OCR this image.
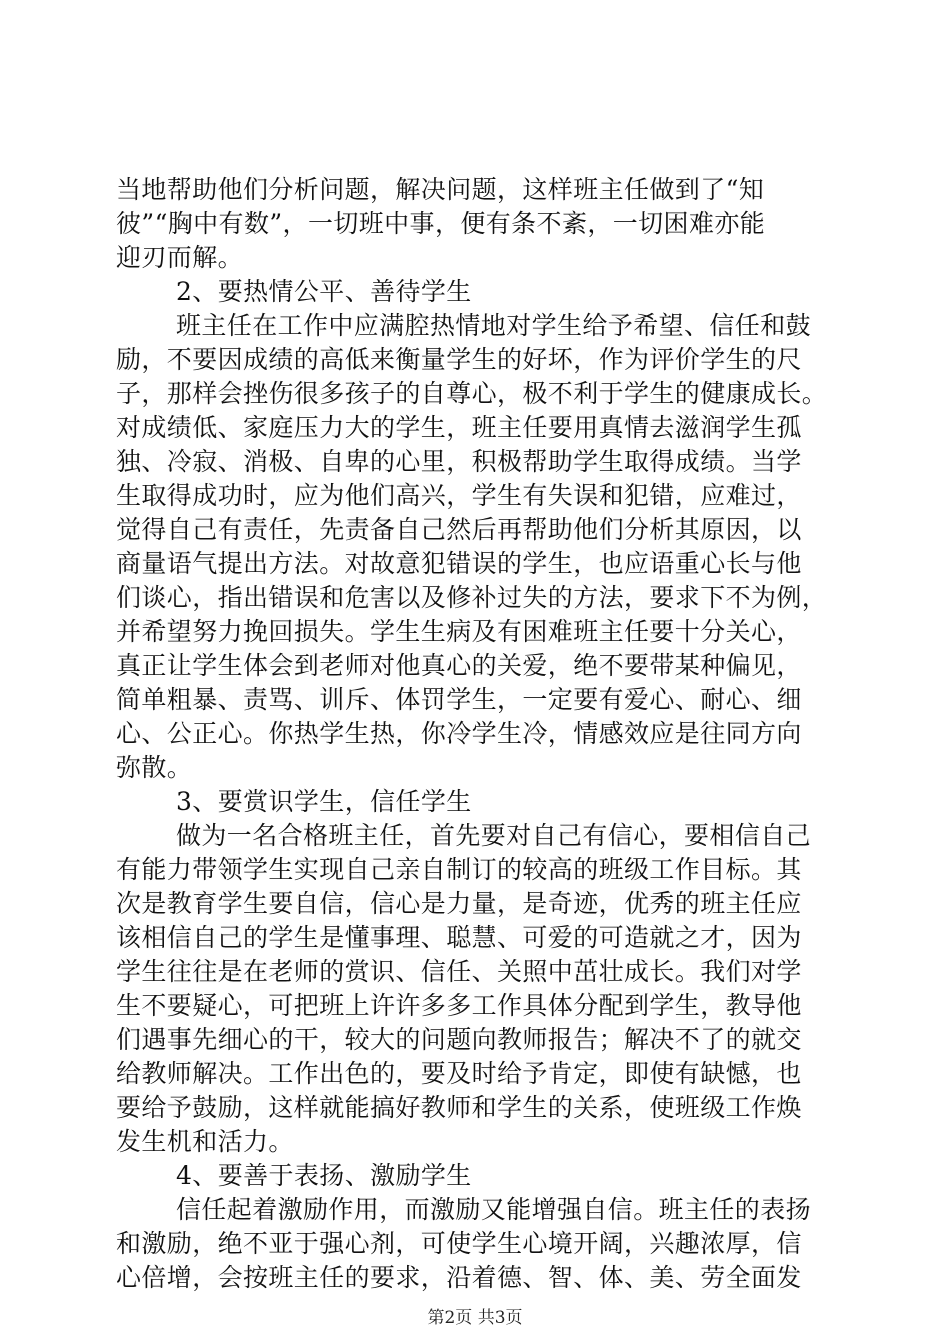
当地帮助他们分析问题，解决问题，这样班主任做到了“知
彼”“胸中有数”，一切班中事，便有条不紊，一切困难亦能
迎刃而解。
2、要热情公平、善待学生
班主任在工作中应满腔热情地对学生给予希望、信任和鼓
励，不要因成绩的高低来衡量学生的好坏，作为评价学生的尺
子，那样会挫伤很多孩子的自尊心，极不利于学生的健康成长。
对成绩低、家庭压力大的学生，班主任要用真情去滋润学生孤
独、冷寂、消极、自卑的心里，积极帮助学生取得成绩。当学
生取得成功时，应为他们高兴，学生有失误和犯错，应难过，
觉得自己有责任，先责备自己然后再帮助他们分析其原因，以
商量语气提出方法。对故意犯错误的学生，也应语重心长与他
们谈心，指出错误和危害以及修补过失的方法，要求下不为例，
并希望努力挽回损失。学生生病及有困难班主任要十分关心，
真正让学生体会到老师对他真心的关爱，绝不要带某种偏见，
简单粗暴、责骂、训斥、体罚学生，一定要有爱心、耐心、细
心、公正心。你热学生热，你冷学生冷，情感效应是往同方向
弥散。
3、要赏识学生，信任学生
做为一名合格班主任，首先要对自己有信心，要相信自己
有能力带领学生实现自己亲自制订的较高的班级工作目标。其
次是教育学生要自信，信心是力量，是奇迹，优秀的班主任应
该相信自己的学生是懂事理、聪慧、可爱的可造就之才，因为
学生往往是在老师的赏识、信任、关照中茁壮成长。我们对学
生不要疑心，可把班上许许多多工作具体分配到学生，教导他
们遇事先细心的干，较大的问题向教师报告；解决不了的就交
给教师解决。工作出色的，要及时给予肯定，即使有缺憾，也
要给予鼓励，这样就能搞好教师和学生的关系，使班级工作焕
发生机和活力。
4、要善于表扬、激励学生
信任起着激励作用，而激励又能增强自信。班主任的表扬
和激励，绝不亚于强心剂，可使学生心境开阔，兴趣浓厚，信
心倍增，会按班主任的要求，沿着德、智、体、美、劳全面发
第2页 共3页
